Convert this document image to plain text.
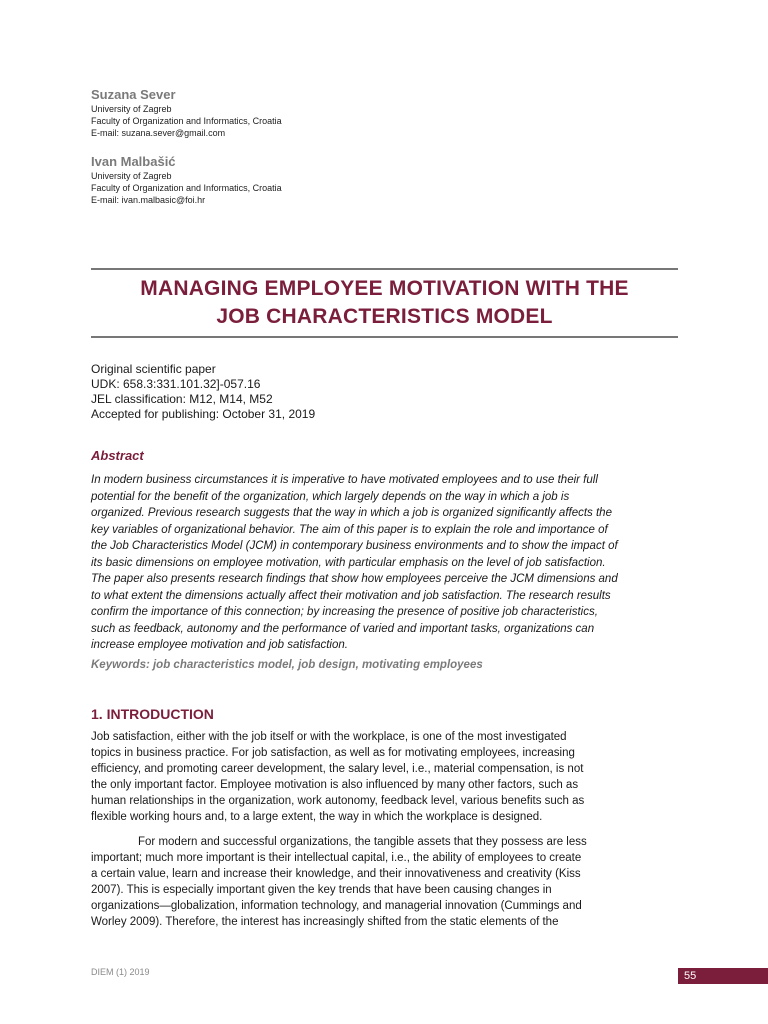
Suzana Sever
University of Zagreb
Faculty of Organization and Informatics, Croatia
E-mail: suzana.sever@gmail.com
Ivan Malbašić
University of Zagreb
Faculty of Organization and Informatics, Croatia
E-mail: ivan.malbasic@foi.hr
MANAGING EMPLOYEE MOTIVATION WITH THE
JOB CHARACTERISTICS MODEL
Original scientific paper
UDK: 658.3:331.101.32]-057.16
JEL classification: M12, M14, M52
Accepted for publishing: October 31, 2019
Abstract
In modern business circumstances it is imperative to have motivated employees and to use their full
potential for the benefit of the organization, which largely depends on the way in which a job is
organized. Previous research suggests that the way in which a job is organized significantly affects the
key variables of organizational behavior. The aim of this paper is to explain the role and importance of
the Job Characteristics Model (JCM) in contemporary business environments and to show the impact of
its basic dimensions on employee motivation, with particular emphasis on the level of job satisfaction.
The paper also presents research findings that show how employees perceive the JCM dimensions and
to what extent the dimensions actually affect their motivation and job satisfaction. The research results
confirm the importance of this connection; by increasing the presence of positive job characteristics,
such as feedback, autonomy and the performance of varied and important tasks, organizations can
increase employee motivation and job satisfaction.
Keywords: job characteristics model, job design, motivating employees
1. INTRODUCTION
Job satisfaction, either with the job itself or with the workplace, is one of the most investigated
topics in business practice. For job satisfaction, as well as for motivating employees, increasing
efficiency, and promoting career development, the salary level, i.e., material compensation, is not
the only important factor. Employee motivation is also influenced by many other factors, such as
human relationships in the organization, work autonomy, feedback level, various benefits such as
flexible working hours and, to a large extent, the way in which the workplace is designed.
For modern and successful organizations, the tangible assets that they possess are less
important; much more important is their intellectual capital, i.e., the ability of employees to create
a certain value, learn and increase their knowledge, and their innovativeness and creativity (Kiss
2007). This is especially important given the key trends that have been causing changes in
organizations—globalization, information technology, and managerial innovation (Cummings and
Worley 2009). Therefore, the interest has increasingly shifted from the static elements of the
DIEM (1) 2019	55
